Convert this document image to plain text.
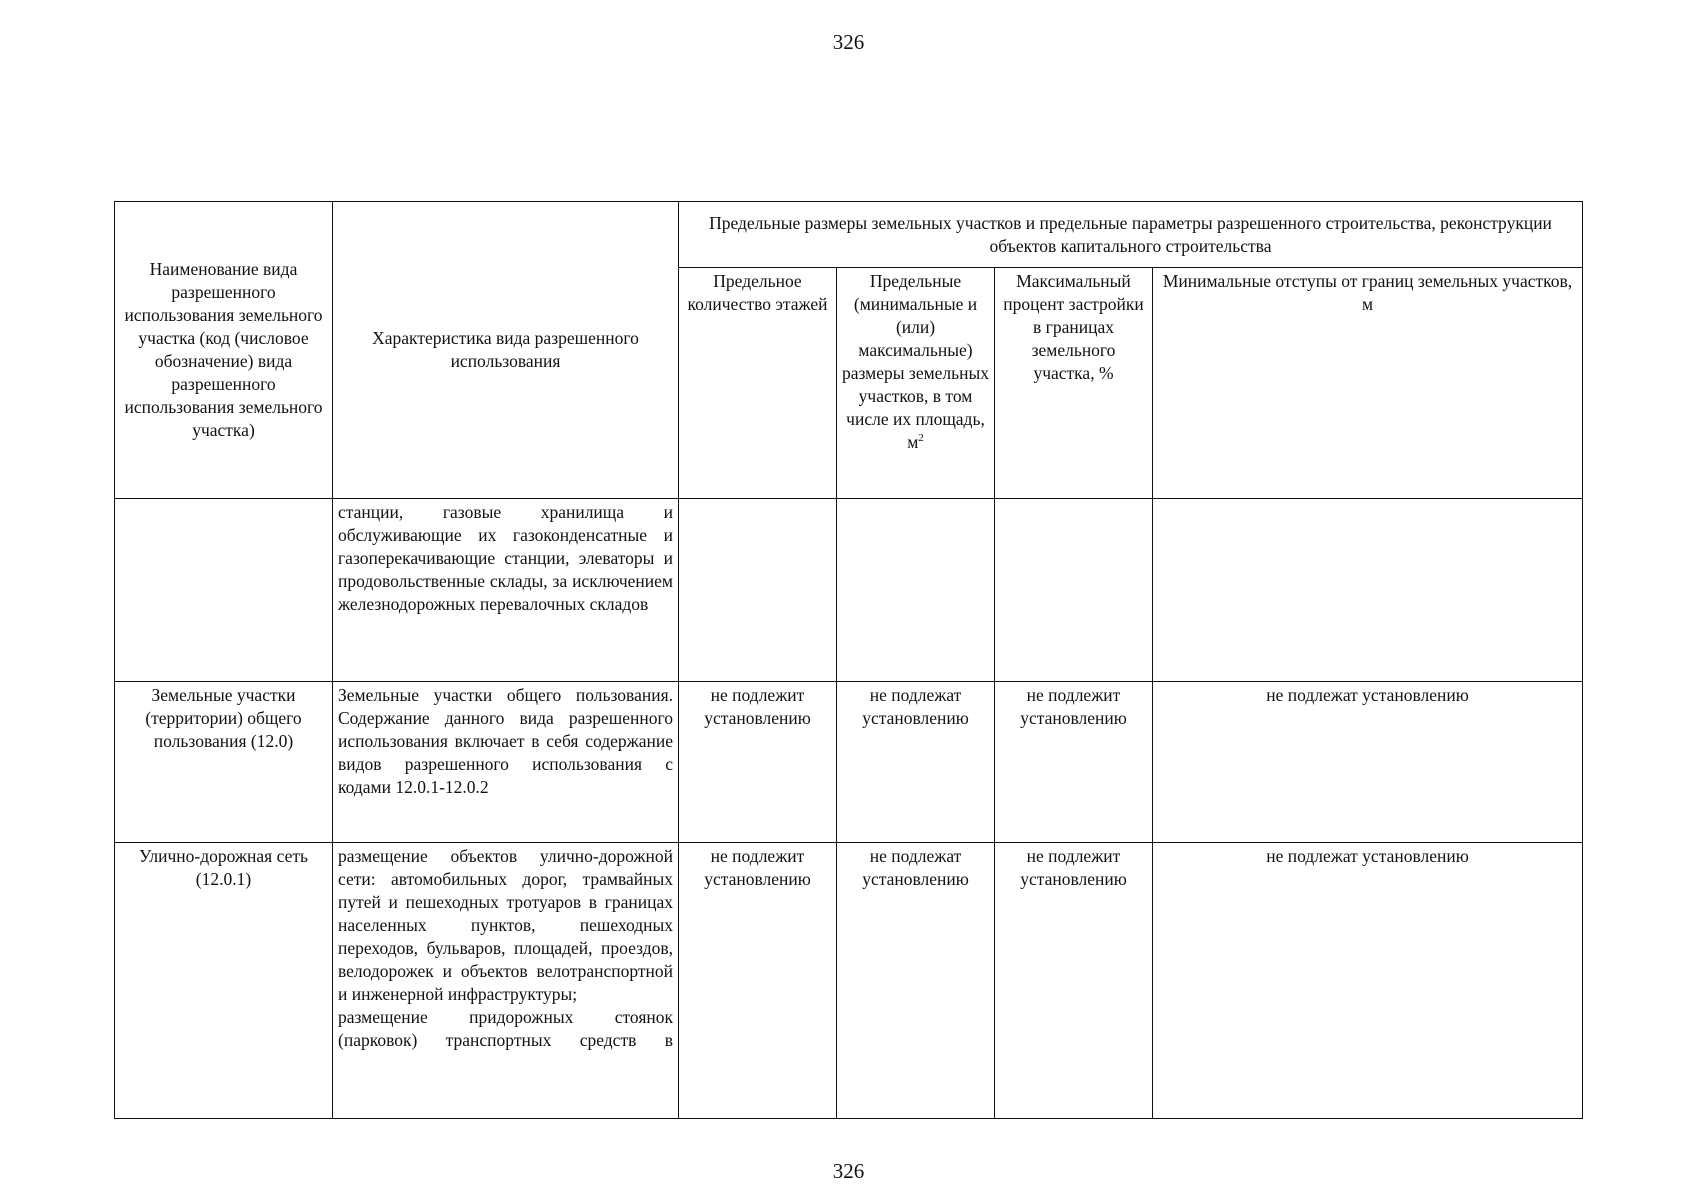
326
Наименование вида разрешенного использования земельного участка (код (числовое обозначение) вида разрешенного использования земельного участка)	Характеристика вида разрешенного использования	Предельные размеры земельных участков и предельные параметры разрешенного строительства, реконструкции объектов капитального строительства			
		Предельное количество этажей	Предельные (минимальные и (или) максимальные) размеры земельных участков, в том числе их площадь, $м^2$	Максимальный процент застройки в границах земельного участка, %	Минимальные отступы от границ земельных участков, м
	станции, газовые хранилища и обслуживающие их газоконденсатные и газоперекачивающие станции, элеваторы и продовольственные склады, за исключением железнодорожных перевалочных складов				
Земельные участки (территории) общего пользования (12.0)	Земельные участки общего пользования. Содержание данного вида разрешенного использования включает в себя содержание видов разрешенного использования с кодами 12.0.1-12.0.2	не подлежит установлению	не подлежат установлению	не подлежит установлению	не подлежат установлению
Улично-дорожная сеть (12.0.1)	размещение объектов улично-дорожной сети: автомобильных дорог, трамвайных путей и пешеходных тротуаров в границах населенных пунктов, пешеходных переходов, бульваров, площадей, проездов, велодорожек и объектов велотранспортной и инженерной инфраструктуры;
размещение придорожных стоянок (парковок) транспортных средств в	не подлежит установлению	не подлежат установлению	не подлежит установлению	не подлежат установлению
326
